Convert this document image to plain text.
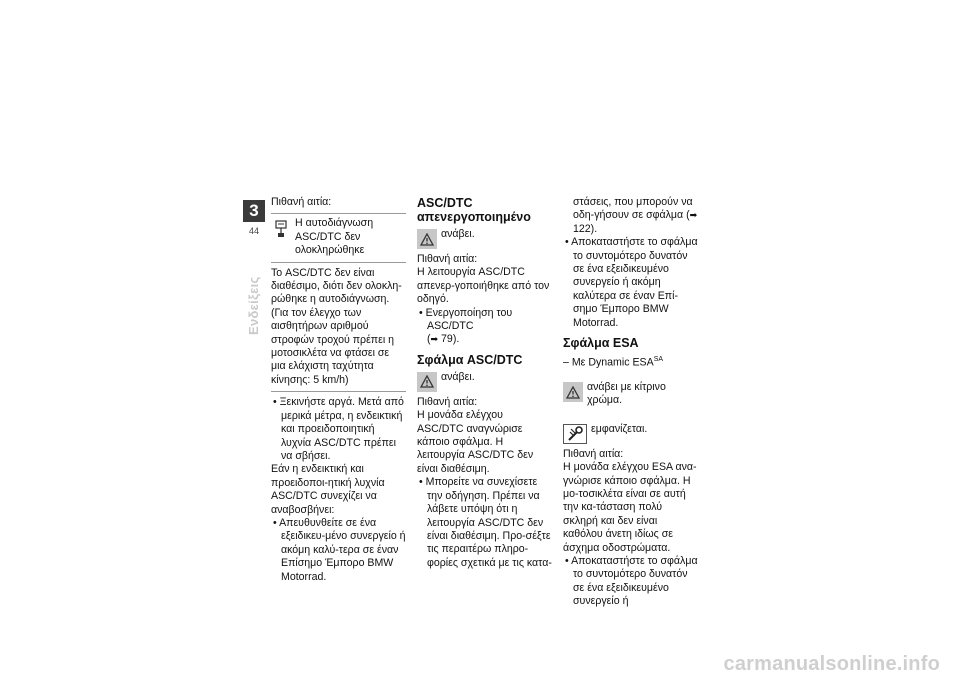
3
44
Ενδείξεις

Πιθανή αιτία:

Η αυτοδιάγνωση ASC/DTC δεν ολοκληρώθηκε

Το ASC/DTC δεν είναι διαθέσιμο, διότι δεν ολοκλη-ρώθηκε η αυτοδιάγνωση. (Για τον έλεγχο των αισθητήρων αριθμού στροφών τροχού πρέπει η μοτοσικλέτα να φτάσει σε μια ελάχιστη ταχύτητα κίνησης: 5 km/h)

• Ξεκινήστε αργά. Μετά από μερικά μέτρα, η ενδεικτική και προειδοποιητική λυχνία ASC/DTC πρέπει να σβήσει.

Εάν η ενδεικτική και προειδοποι-ητική λυχνία ASC/DTC συνεχίζει να αναβοσβήνει:

• Απευθυνθείτε σε ένα εξειδικευ-μένο συνεργείο ή ακόμη καλύ-τερα σε έναν Επίσημο Έμπορο BMW Motorrad.

ASC/DTC απενεργοποιημένο
ανάβει.

Πιθανή αιτία:

Η λειτουργία ASC/DTC απενερ-γοποιήθηκε από τον οδηγό.

• Ενεργοποίηση του ASC/DTC

(➡ 79).

Σφάλμα ASC/DTC
ανάβει.

Πιθανή αιτία:

Η μονάδα ελέγχου ASC/DTC αναγνώρισε κάποιο σφάλμα. Η λειτουργία ASC/DTC δεν είναι διαθέσιμη.

• Μπορείτε να συνεχίσετε την οδήγηση. Πρέπει να λάβετε υπόψη ότι η λειτουργία ASC/DTC δεν είναι διαθέσιμη. Προ-σέξτε τις περαιτέρω πληρο-φορίες σχετικά με τις κατα-

στάσεις, που μπορούν να οδη-γήσουν σε σφάλμα (➡ 122).

• Αποκαταστήστε το σφάλμα το συντομότερο δυνατόν σε ένα εξειδικευμένο συνεργείο ή ακόμη καλύτερα σε έναν Επί-σημο Έμπορο BMW Motorrad.

Σφάλμα ESA

– Με Dynamic $ESA^{SA}$

ανάβει με κίτρινο χρώμα.
εμφανίζεται.

Πιθανή αιτία:

Η μονάδα ελέγχου ESA ανα-γνώρισε κάποιο σφάλμα. Η μο-τοσικλέτα είναι σε αυτή την κα-τάσταση πολύ σκληρή και δεν είναι καθόλου άνετη ιδίως σε άσχημα οδοστρώματα.

• Αποκαταστήστε το σφάλμα το συντομότερο δυνατόν σε ένα εξειδικευμένο συνεργείο ή

carmanualsonline.info
